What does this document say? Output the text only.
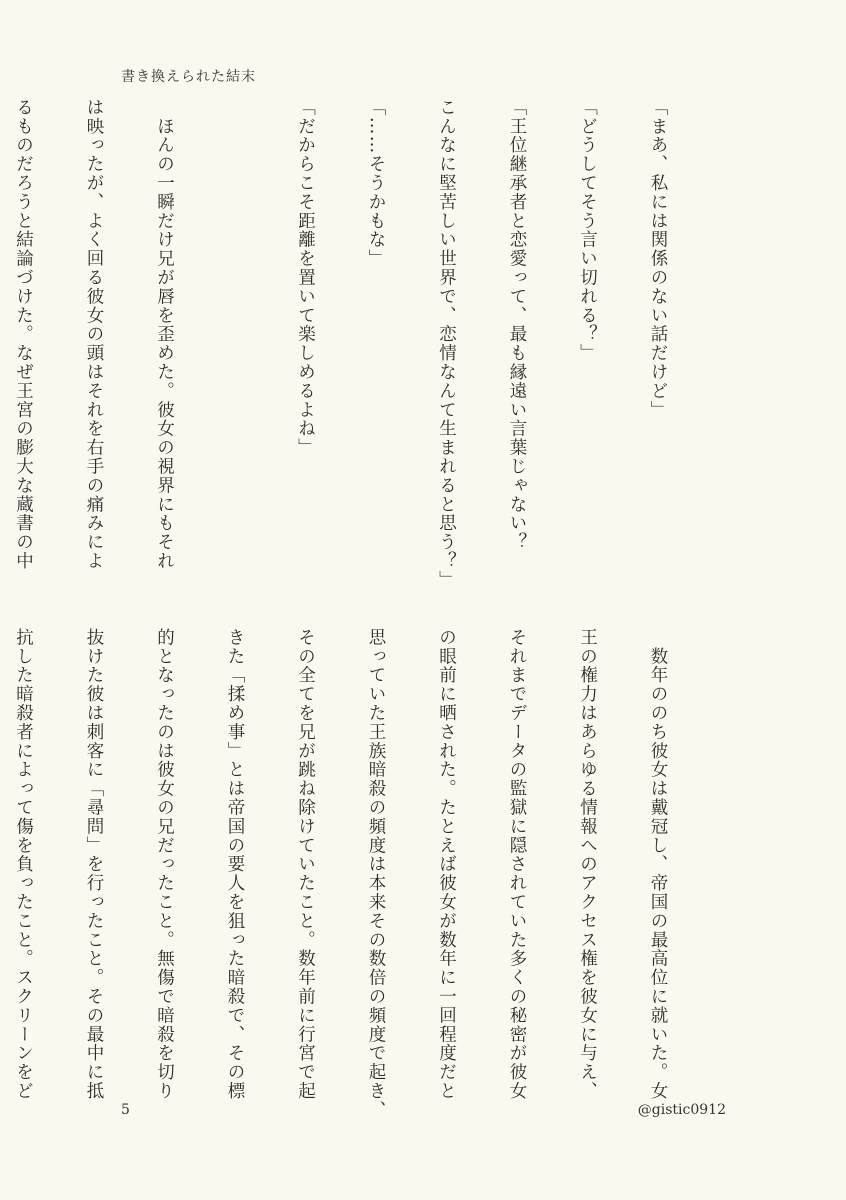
書き換えられた結末

「まあ、私には関係のない話だけど」

「どうしてそう言い切れる？」

「王位継承者と恋愛って、最も縁遠い言葉じゃない？

こんなに堅苦しい世界で、恋情なんて生まれると思う？」

「……そうかもな」

「だからこそ距離を置いて楽しめるよね」

　ほんの一瞬だけ兄が唇を歪めた。彼女の視界にもそれ

は映ったが、よく回る彼女の頭はそれを右手の痛みによ

るものだろうと結論づけた。なぜ王宮の膨大な蔵書の中

　数年ののち彼女は戴冠し、帝国の最高位に就いた。女

王の権力はあらゆる情報へのアクセス権を彼女に与え、

それまでデータの監獄に隠されていた多くの秘密が彼女

の眼前に晒された。たとえば彼女が数年に一回程度だと

思っていた王族暗殺の頻度は本来その数倍の頻度で起き、

その全てを兄が跳ね除けていたこと。数年前に行宮で起

きた「揉め事」とは帝国の要人を狙った暗殺で、その標

的となったのは彼女の兄だったこと。無傷で暗殺を切り

抜けた彼は刺客に「尋問」を行ったこと。その最中に抵

抗した暗殺者によって傷を負ったこと。スクリーンをど

5	@gistic0912
